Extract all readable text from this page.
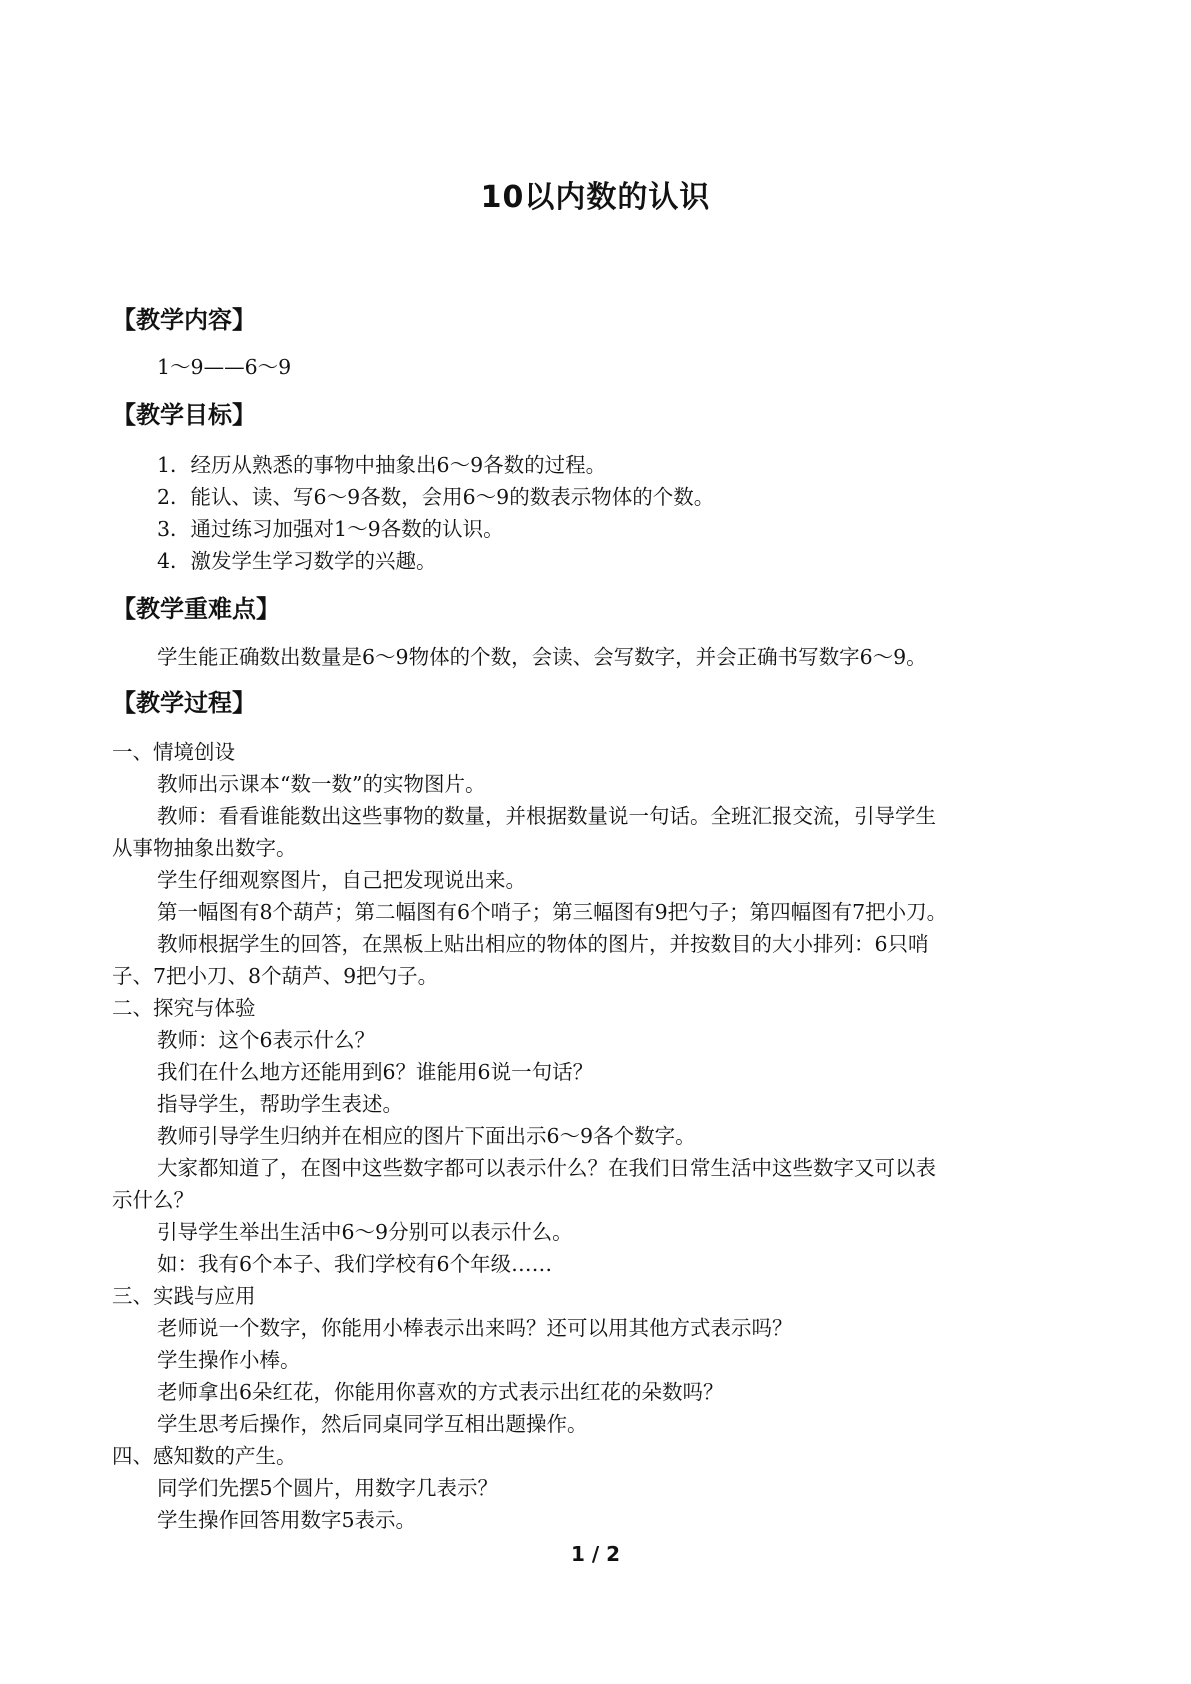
10以内数的认识
【教学内容】
1～9——6～9
【教学目标】
1．经历从熟悉的事物中抽象出6～9各数的过程。
2．能认、读、写6～9各数，会用6～9的数表示物体的个数。
3．通过练习加强对1～9各数的认识。
4．激发学生学习数学的兴趣。
【教学重难点】
学生能正确数出数量是6～9物体的个数，会读、会写数字，并会正确书写数字6～9。
【教学过程】
一、情境创设
教师出示课本“数一数”的实物图片。
教师：看看谁能数出这些事物的数量，并根据数量说一句话。全班汇报交流，引导学生
从事物抽象出数字。
学生仔细观察图片，自己把发现说出来。
第一幅图有8个葫芦；第二幅图有6个哨子；第三幅图有9把勺子；第四幅图有7把小刀。
教师根据学生的回答，在黑板上贴出相应的物体的图片，并按数目的大小排列：6只哨
子、7把小刀、8个葫芦、9把勺子。
二、探究与体验
教师：这个6表示什么？
我们在什么地方还能用到6？谁能用6说一句话？
指导学生，帮助学生表述。
教师引导学生归纳并在相应的图片下面出示6～9各个数字。
大家都知道了，在图中这些数字都可以表示什么？在我们日常生活中这些数字又可以表
示什么？
引导学生举出生活中6～9分别可以表示什么。
如：我有6个本子、我们学校有6个年级……
三、实践与应用
老师说一个数字，你能用小棒表示出来吗？还可以用其他方式表示吗？
学生操作小棒。
老师拿出6朵红花，你能用你喜欢的方式表示出红花的朵数吗？
学生思考后操作，然后同桌同学互相出题操作。
四、感知数的产生。
同学们先摆5个圆片，用数字几表示？
学生操作回答用数字5表示。
1 / 2
